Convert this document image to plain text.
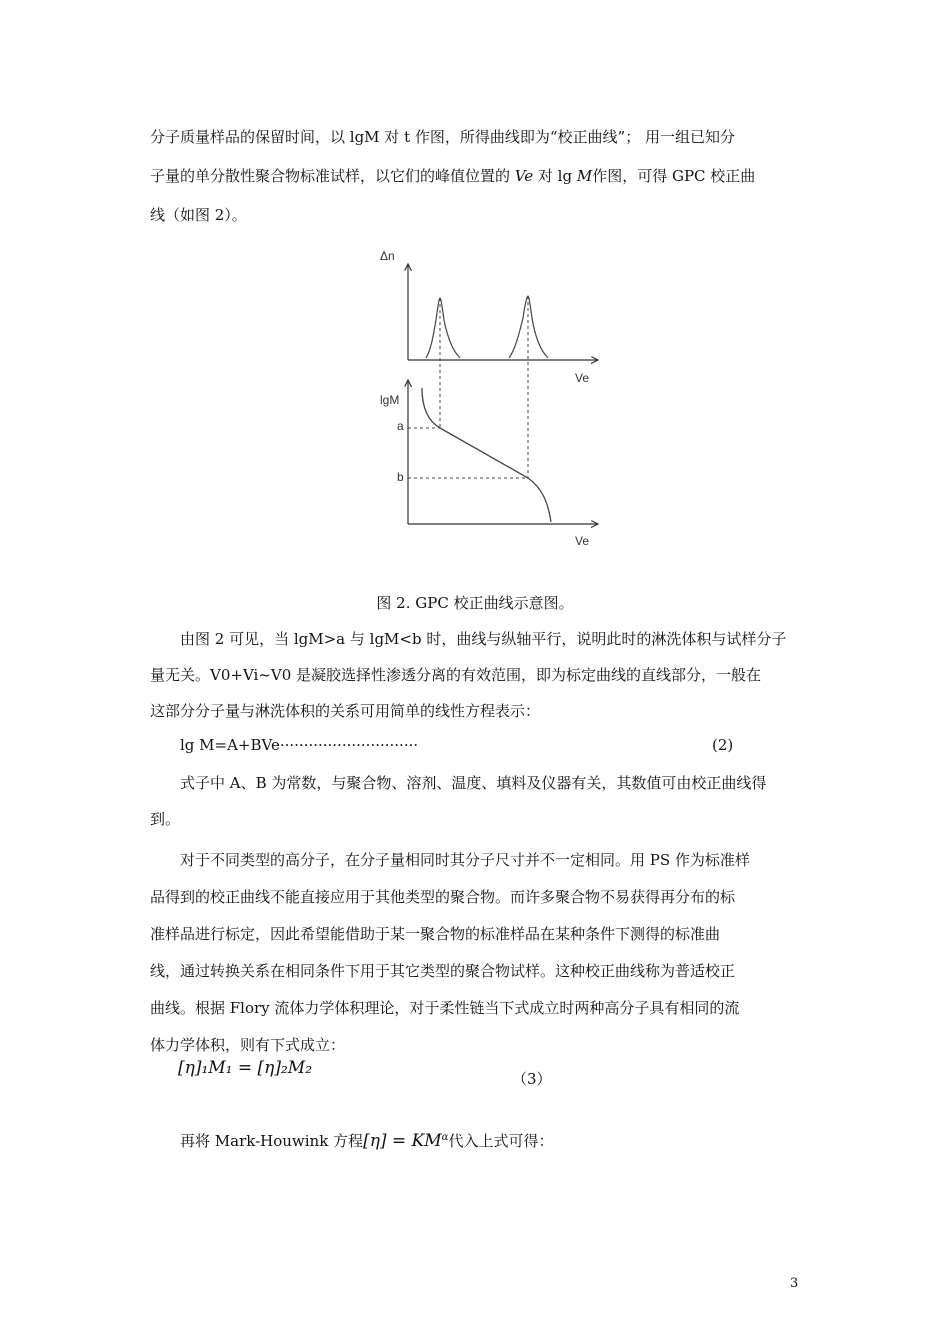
分子质量样品的保留时间，以 lgM 对 t 作图，所得曲线即为“校正曲线”； 用一组已知分
子量的单分散性聚合物标准试样，以它们的峰值位置的 Ve 对 lg M作图，可得 GPC 校正曲
线（如图 2）。
Δn
Ve
lgM
a
b
Ve
图 2. GPC 校正曲线示意图。
由图 2 可见，当 lgM>a 与 lgM<b 时，曲线与纵轴平行，说明此时的淋洗体积与试样分子
量无关。V0+Vi~V0 是凝胶选择性渗透分离的有效范围，即为标定曲线的直线部分，一般在
这部分分子量与淋洗体积的关系可用简单的线性方程表示：
lg M=A+BVe·····························	(2)
式子中 A、B 为常数，与聚合物、溶剂、温度、填料及仪器有关，其数值可由校正曲线得
到。
对于不同类型的高分子，在分子量相同时其分子尺寸并不一定相同。用 PS 作为标准样
品得到的校正曲线不能直接应用于其他类型的聚合物。而许多聚合物不易获得再分布的标
准样品进行标定，因此希望能借助于某一聚合物的标准样品在某种条件下测得的标准曲
线，通过转换关系在相同条件下用于其它类型的聚合物试样。这种校正曲线称为普适校正
曲线。根据 Flory 流体力学体积理论，对于柔性链当下式成立时两种高分子具有相同的流
体力学体积，则有下式成立：
[η]₁M₁ = [η]₂M₂
（3）
再将 Mark-Houwink 方程$[\eta] = KM^\alpha$代入上式可得：
3
